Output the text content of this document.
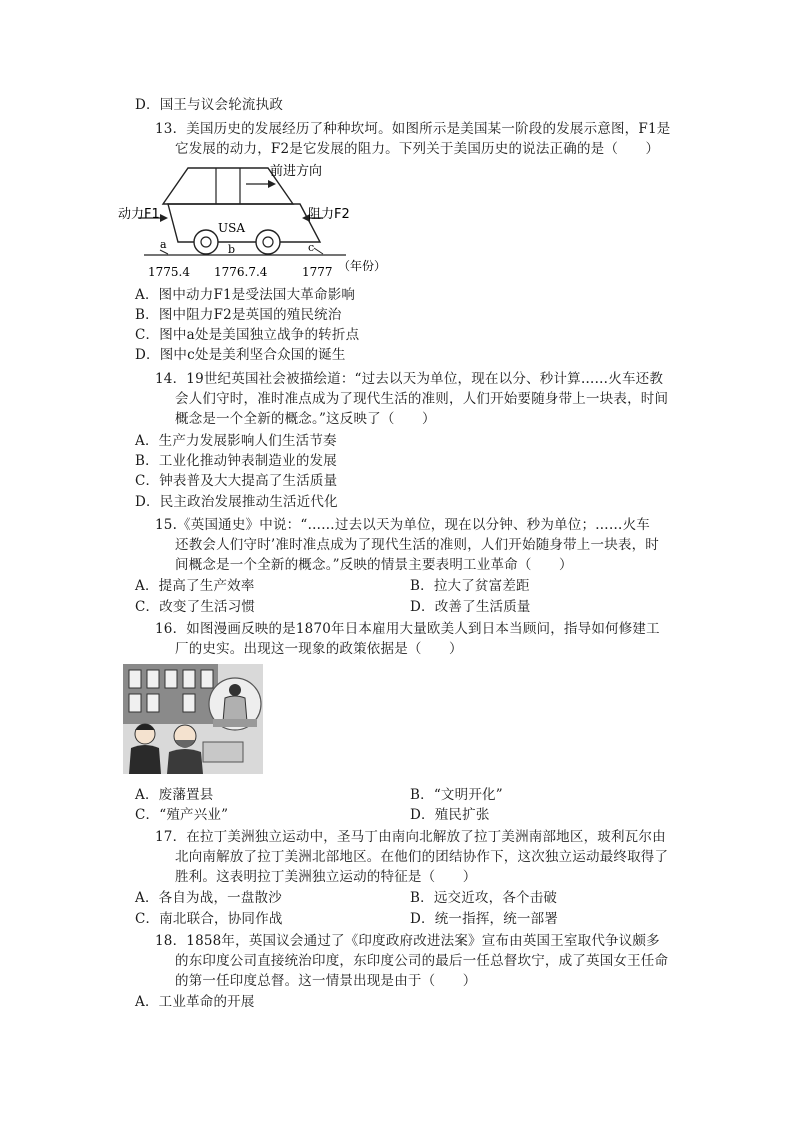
D．国王与议会轮流执政
13．美国历史的发展经历了种种坎坷。如图所示是美国某一阶段的发展示意图，F1是
它发展的动力，F2是它发展的阻力。下列关于美国历史的说法正确的是（　　）
前进方向
动力F1	阻力F2
USA
a	b	c
1775.4 1776.7.4	1777 （年份）
A．图中动力F1是受法国大革命影响
B．图中阻力F2是英国的殖民统治
C．图中a处是美国独立战争的转折点
D．图中c处是美利坚合众国的诞生
14．19世纪英国社会被描绘道：“过去以天为单位，现在以分、秒计算……火车还教
会人们守时，准时准点成为了现代生活的准则，人们开始要随身带上一块表，时间
概念是一个全新的概念。”这反映了（　　）
A．生产力发展影响人们生活节奏
B．工业化推动钟表制造业的发展
C．钟表普及大大提高了生活质量
D．民主政治发展推动生活近代化
15.《英国通史》中说：“……过去以天为单位，现在以分钟、秒为单位；……火车
还教会人们守时’准时准点成为了现代生活的准则，人们开始随身带上一块表，时
间概念是一个全新的概念。”反映的情景主要表明工业革命（　　）
A．提高了生产效率	B．拉大了贫富差距
C．改变了生活习惯	D．改善了生活质量
16．如图漫画反映的是1870年日本雇用大量欧美人到日本当顾问，指导如何修建工
厂的史实。出现这一现象的政策依据是（　　）
A．废藩置县	B．“文明开化”
C．“殖产兴业”	D．殖民扩张
17．在拉丁美洲独立运动中，圣马丁由南向北解放了拉丁美洲南部地区，玻利瓦尔由
北向南解放了拉丁美洲北部地区。在他们的团结协作下，这次独立运动最终取得了
胜利。这表明拉丁美洲独立运动的特征是（　　）
A．各自为战，一盘散沙	B．远交近攻，各个击破
C．南北联合，协同作战	D．统一指挥，统一部署
18．1858年，英国议会通过了《印度政府改进法案》宣布由英国王室取代争议颇多
的东印度公司直接统治印度，东印度公司的最后一任总督坎宁，成了英国女王任命
的第一任印度总督。这一情景出现是由于（　　）
A．工业革命的开展
